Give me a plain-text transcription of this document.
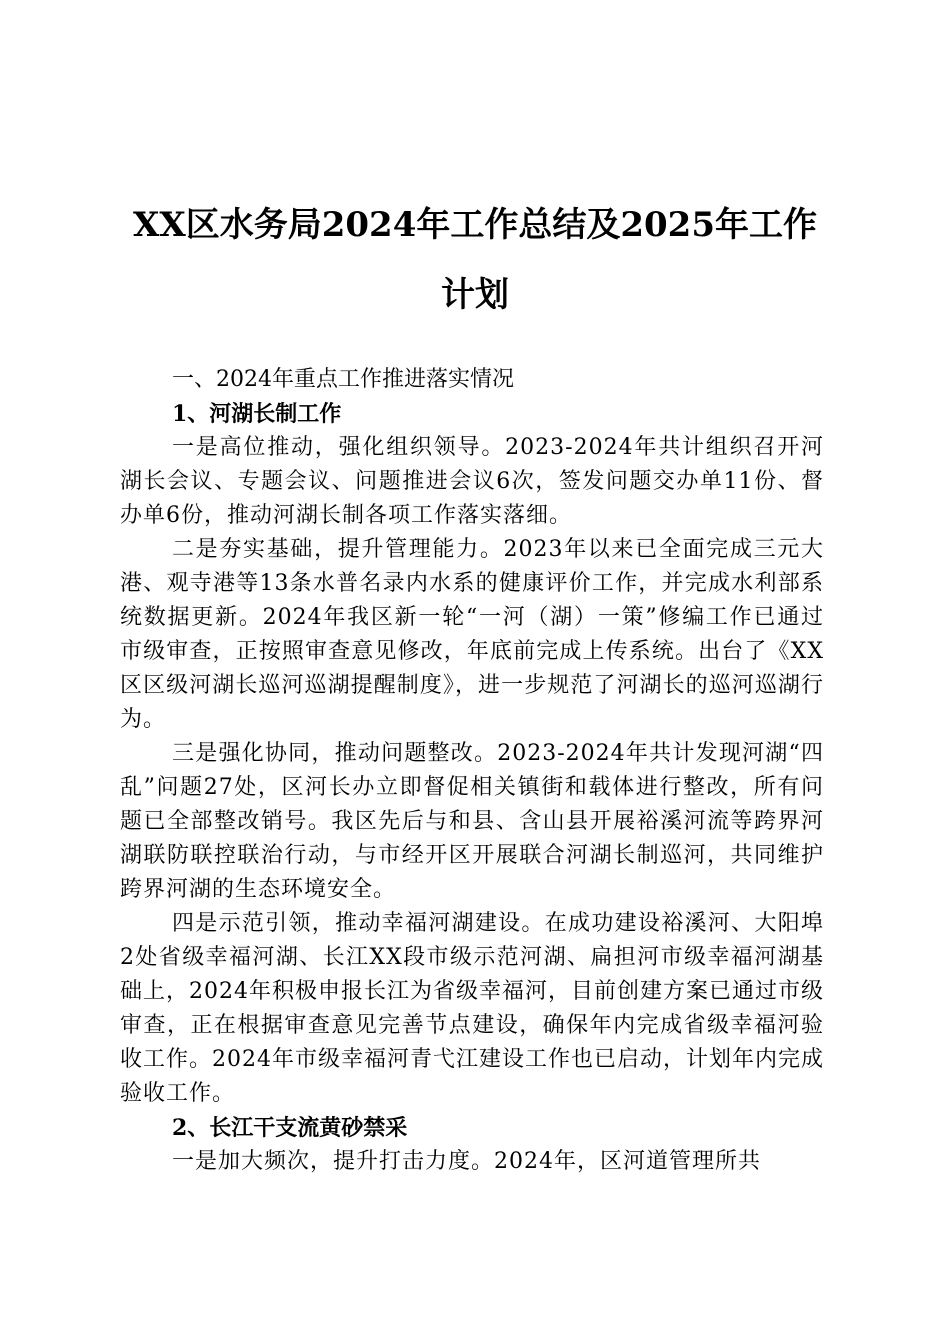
XX区水务局2024年工作总结及2025年工作
计划

一、2024年重点工作推进落实情况

1、河湖长制工作

一是高位推动，强化组织领导。2023-2024年共计组织召开河湖长会议、专题会议、问题推进会议6次，签发问题交办单11份、督办单6份，推动河湖长制各项工作落实落细。

二是夯实基础，提升管理能力。2023年以来已全面完成三元大港、观寺港等13条水普名录内水系的健康评价工作，并完成水利部系统数据更新。2024年我区新一轮“一河（湖）一策”修编工作已通过市级审查，正按照审查意见修改，年底前完成上传系统。出台了《XX区区级河湖长巡河巡湖提醒制度》，进一步规范了河湖长的巡河巡湖行为。

三是强化协同，推动问题整改。2023-2024年共计发现河湖“四乱”问题27处，区河长办立即督促相关镇街和载体进行整改，所有问题已全部整改销号。我区先后与和县、含山县开展裕溪河流等跨界河湖联防联控联治行动，与市经开区开展联合河湖长制巡河，共同维护跨界河湖的生态环境安全。

四是示范引领，推动幸福河湖建设。在成功建设裕溪河、大阳埠2处省级幸福河湖、长江XX段市级示范河湖、扁担河市级幸福河湖基础上，2024年积极申报长江为省级幸福河，目前创建方案已通过市级审查，正在根据审查意见完善节点建设，确保年内完成省级幸福河验收工作。2024年市级幸福河青弋江建设工作也已启动，计划年内完成验收工作。

2、长江干支流黄砂禁采

一是加大频次，提升打击力度。2024年，区河道管理所共
